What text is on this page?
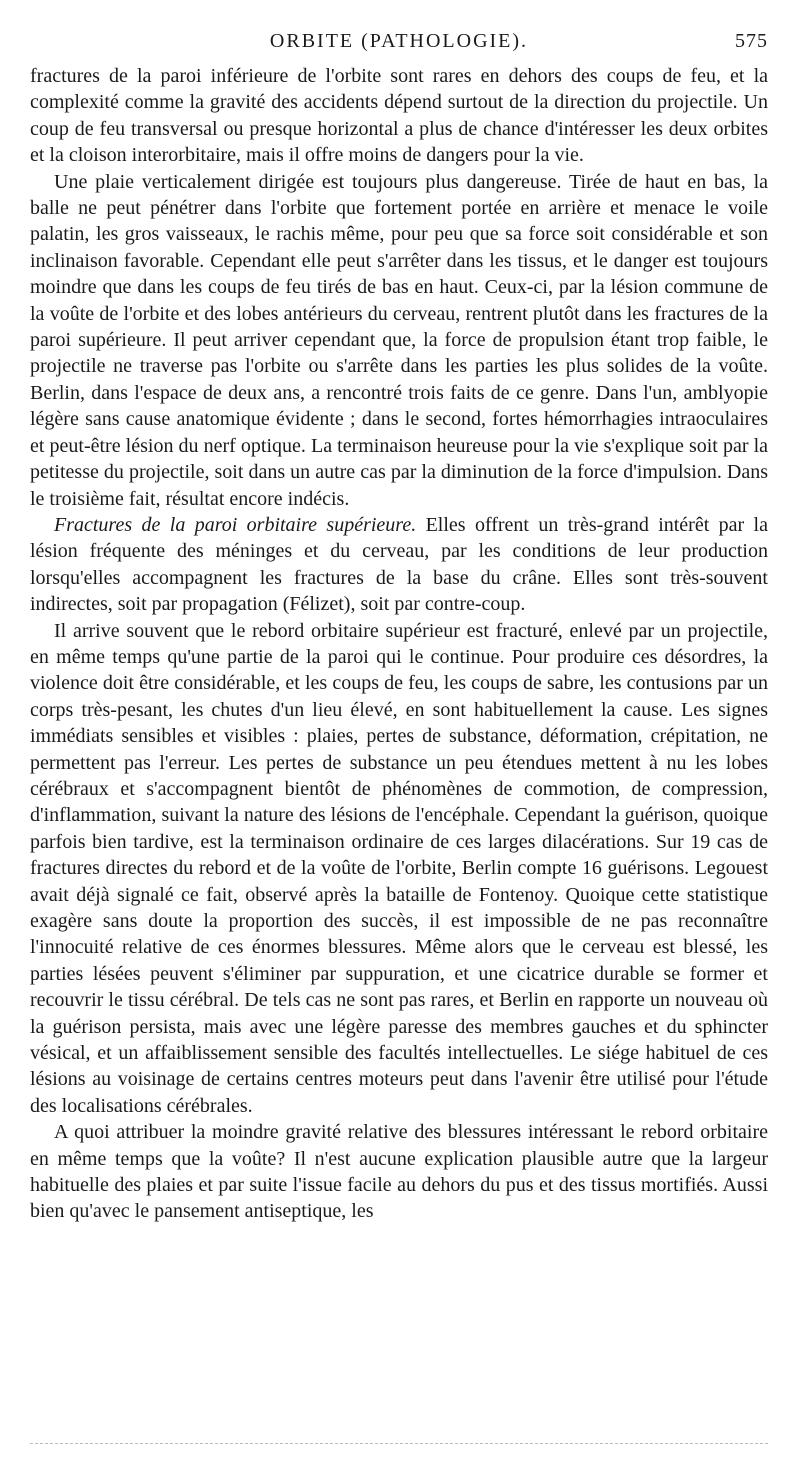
ORBITE (PATHOLOGIE).	575

fractures de la paroi inférieure de l'orbite sont rares en dehors des coups de feu, et la complexité comme la gravité des accidents dépend surtout de la direction du projectile. Un coup de feu transversal ou presque horizontal a plus de chance d'intéresser les deux orbites et la cloison interorbitaire, mais il offre moins de dangers pour la vie.

Une plaie verticalement dirigée est toujours plus dangereuse. Tirée de haut en bas, la balle ne peut pénétrer dans l'orbite que fortement portée en arrière et menace le voile palatin, les gros vaisseaux, le rachis même, pour peu que sa force soit considérable et son inclinaison favorable. Cependant elle peut s'arrêter dans les tissus, et le danger est toujours moindre que dans les coups de feu tirés de bas en haut. Ceux-ci, par la lésion commune de la voûte de l'orbite et des lobes antérieurs du cerveau, rentrent plutôt dans les fractures de la paroi supérieure. Il peut arriver cependant que, la force de propulsion étant trop faible, le projectile ne traverse pas l'orbite ou s'arrête dans les parties les plus solides de la voûte. Berlin, dans l'espace de deux ans, a rencontré trois faits de ce genre. Dans l'un, amblyopie légère sans cause anatomique évidente ; dans le second, fortes hémorrhagies intraoculaires et peut-être lésion du nerf optique. La terminaison heureuse pour la vie s'explique soit par la petitesse du projectile, soit dans un autre cas par la diminution de la force d'impulsion. Dans le troisième fait, résultat encore indécis.

Fractures de la paroi orbitaire supérieure. Elles offrent un très-grand intérêt par la lésion fréquente des méninges et du cerveau, par les conditions de leur production lorsqu'elles accompagnent les fractures de la base du crâne. Elles sont très-souvent indirectes, soit par propagation (Félizet), soit par contre-coup.

Il arrive souvent que le rebord orbitaire supérieur est fracturé, enlevé par un projectile, en même temps qu'une partie de la paroi qui le continue. Pour produire ces désordres, la violence doit être considérable, et les coups de feu, les coups de sabre, les contusions par un corps très-pesant, les chutes d'un lieu élevé, en sont habituellement la cause. Les signes immédiats sensibles et visibles : plaies, pertes de substance, déformation, crépitation, ne permettent pas l'erreur. Les pertes de substance un peu étendues mettent à nu les lobes cérébraux et s'accompagnent bientôt de phénomènes de commotion, de compression, d'inflammation, suivant la nature des lésions de l'encéphale. Cependant la guérison, quoique parfois bien tardive, est la terminaison ordinaire de ces larges dilacérations. Sur 19 cas de fractures directes du rebord et de la voûte de l'orbite, Berlin compte 16 guérisons. Legouest avait déjà signalé ce fait, observé après la bataille de Fontenoy. Quoique cette statistique exagère sans doute la proportion des succès, il est impossible de ne pas reconnaître l'innocuité relative de ces énormes blessures. Même alors que le cerveau est blessé, les parties lésées peuvent s'éliminer par suppuration, et une cicatrice durable se former et recouvrir le tissu cérébral. De tels cas ne sont pas rares, et Berlin en rapporte un nouveau où la guérison persista, mais avec une légère paresse des membres gauches et du sphincter vésical, et un affaiblissement sensible des facultés intellectuelles. Le siége habituel de ces lésions au voisinage de certains centres moteurs peut dans l'avenir être utilisé pour l'étude des localisations cérébrales.

A quoi attribuer la moindre gravité relative des blessures intéressant le rebord orbitaire en même temps que la voûte? Il n'est aucune explication plausible autre que la largeur habituelle des plaies et par suite l'issue facile au dehors du pus et des tissus mortifiés. Aussi bien qu'avec le pansement antiseptique, les
